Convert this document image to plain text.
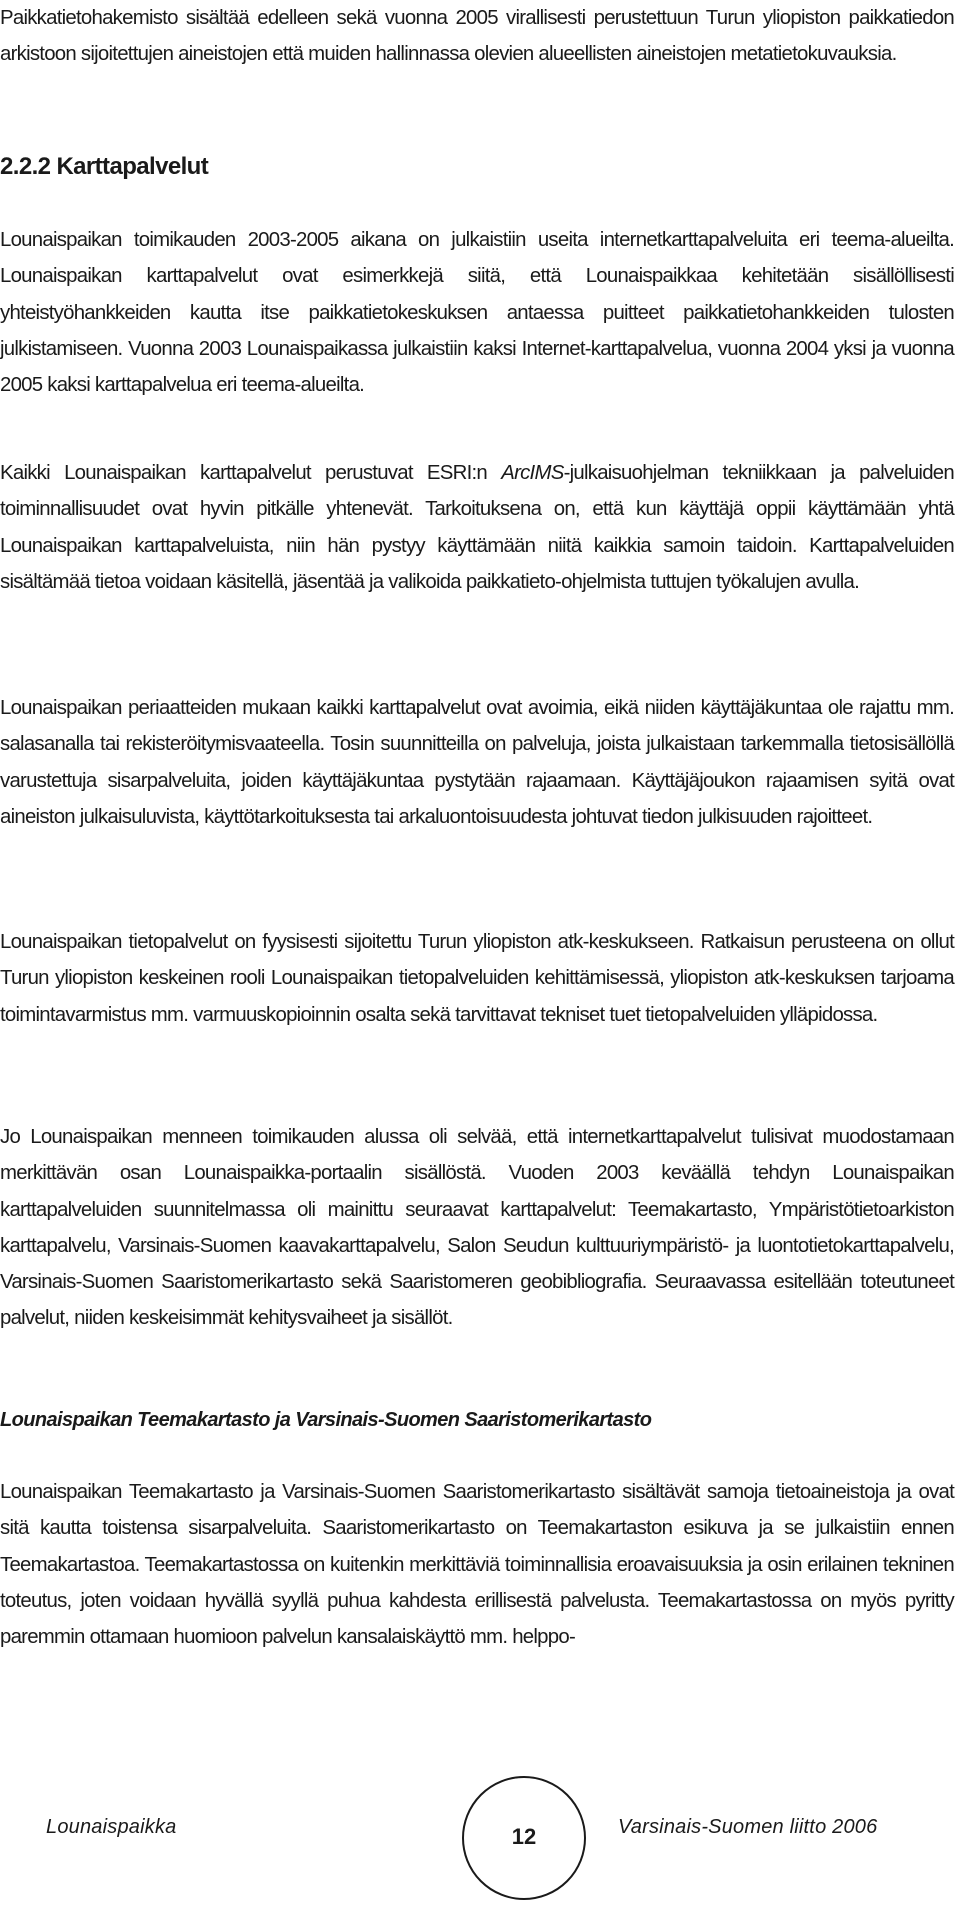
Paikkatietohakemisto sisältää edelleen sekä vuonna 2005 virallisesti perustettuun Turun yliopiston paikkatiedon arkistoon sijoitettujen aineistojen että muiden hallinnassa olevien alueellisten aineistojen metatietokuvauksia.

2.2.2 Karttapalvelut

Lounaispaikan toimikauden 2003-2005 aikana on julkaistiin useita internetkarttapalveluita eri teema-alueilta. Lounaispaikan karttapalvelut ovat esimerkkejä siitä, että Lounaispaikkaa kehitetään sisällöllisesti yhteistyöhankkeiden kautta itse paikkatietokeskuksen antaessa puitteet paikkatietohankkeiden tulosten julkistamiseen. Vuonna 2003 Lounaispaikassa julkaistiin kaksi Internet-karttapalvelua, vuonna 2004 yksi ja vuonna 2005 kaksi karttapalvelua eri teema-alueilta.

Kaikki Lounaispaikan karttapalvelut perustuvat ESRI:n ArcIMS-julkaisuohjelman tekniikkaan ja palveluiden toiminnallisuudet ovat hyvin pitkälle yhtenevät. Tarkoituksena on, että kun käyttäjä oppii käyttämään yhtä Lounaispaikan karttapalveluista, niin hän pystyy käyttämään niitä kaikkia samoin taidoin. Karttapalveluiden sisältämää tietoa voidaan käsitellä, jäsentää ja valikoida paikkatieto-ohjelmista tuttujen työkalujen avulla.

Lounaispaikan periaatteiden mukaan kaikki karttapalvelut ovat avoimia, eikä niiden käyttäjäkuntaa ole rajattu mm. salasanalla tai rekisteröitymisvaateella. Tosin suunnitteilla on palveluja, joista julkaistaan tarkemmalla tietosisällöllä varustettuja sisarpalveluita, joiden käyttäjäkuntaa pystytään rajaamaan. Käyttäjäjoukon rajaamisen syitä ovat aineiston julkaisuluvista, käyttötarkoituksesta tai arkaluontoisuudesta johtuvat tiedon julkisuuden rajoitteet.

Lounaispaikan tietopalvelut on fyysisesti sijoitettu Turun yliopiston atk-keskukseen. Ratkaisun perusteena on ollut Turun yliopiston keskeinen rooli Lounaispaikan tietopalveluiden kehittämisessä, yliopiston atk-keskuksen tarjoama toimintavarmistus mm. varmuuskopioinnin osalta sekä tarvittavat tekniset tuet tietopalveluiden ylläpidossa.

Jo Lounaispaikan menneen toimikauden alussa oli selvää, että internetkarttapalvelut tulisivat muodostamaan merkittävän osan Lounaispaikka-portaalin sisällöstä. Vuoden 2003 keväällä tehdyn Lounaispaikan karttapalveluiden suunnitelmassa oli mainittu seuraavat karttapalvelut: Teemakartasto, Ympäristötietoarkiston karttapalvelu, Varsinais-Suomen kaavakarttapalvelu, Salon Seudun kulttuuriympäristö- ja luontotietokarttapalvelu, Varsinais-Suomen Saaristomerikartasto sekä Saaristomeren geobibliografia. Seuraavassa esitellään toteutuneet palvelut, niiden keskeisimmät kehitysvaiheet ja sisällöt.

Lounaispaikan Teemakartasto ja Varsinais-Suomen Saaristomerikartasto

Lounaispaikan Teemakartasto ja Varsinais-Suomen Saaristomerikartasto sisältävät samoja tietoaineistoja ja ovat sitä kautta toistensa sisarpalveluita. Saaristomerikartasto on Teemakartaston esikuva ja se julkaistiin ennen Teemakartastoa. Teemakartastossa on kuitenkin merkittäviä toiminnallisia eroavaisuuksia ja osin erilainen tekninen toteutus, joten voidaan hyvällä syyllä puhua kahdesta erillisestä palvelusta. Teemakartastossa on myös pyritty paremmin ottamaan huomioon palvelun kansalaiskäyttö mm. helppo-

Lounaispaikka	12	Varsinais-Suomen liitto 2006
